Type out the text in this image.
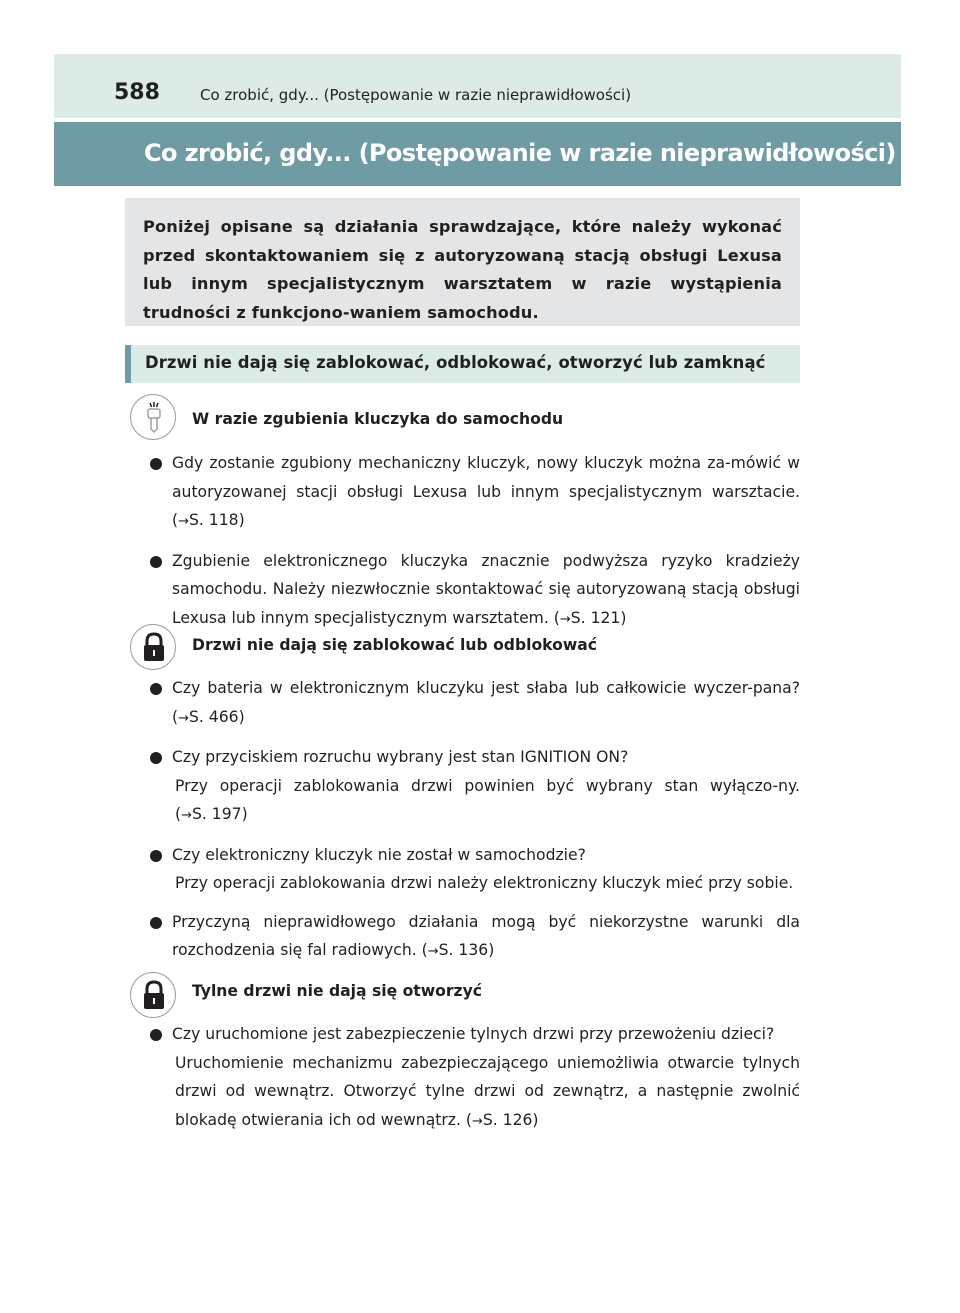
588	Co zrobić, gdy... (Postępowanie w razie nieprawidłowości)
Co zrobić, gdy... (Postępowanie w razie nieprawidłowości)

Poniżej opisane są działania sprawdzające, które należy wykonać przed skontaktowaniem się z autoryzowaną stacją obsługi Lexusa lub innym specjalistycznym warsztatem w razie wystąpienia trudności z funkcjono-waniem samochodu.

Drzwi nie dają się zablokować, odblokować, otworzyć lub zamknąć
W razie zgubienia kluczyka do samochodu
Gdy zostanie zgubiony mechaniczny kluczyk, nowy kluczyk można za-mówić w autoryzowanej stacji obsługi Lexusa lub innym specjalistycznym warsztacie. (→S. 118)
Zgubienie elektronicznego kluczyka znacznie podwyższa ryzyko kradzieży samochodu. Należy niezwłocznie skontaktować się autoryzowaną stacją obsługi Lexusa lub innym specjalistycznym warsztatem. (→S. 121)
Drzwi nie dają się zablokować lub odblokować
Czy bateria w elektronicznym kluczyku jest słaba lub całkowicie wyczer-pana? (→S. 466)
Czy przyciskiem rozruchu wybrany jest stan IGNITION ON?
Przy operacji zablokowania drzwi powinien być wybrany stan wyłączo-ny. (→S. 197)
Czy elektroniczny kluczyk nie został w samochodzie?
Przy operacji zablokowania drzwi należy elektroniczny kluczyk mieć przy sobie.
Przyczyną nieprawidłowego działania mogą być niekorzystne warunki dla rozchodzenia się fal radiowych. (→S. 136)
Tylne drzwi nie dają się otworzyć
Czy uruchomione jest zabezpieczenie tylnych drzwi przy przewożeniu dzieci?
Uruchomienie mechanizmu zabezpieczającego uniemożliwia otwarcie tylnych drzwi od wewnątrz. Otworzyć tylne drzwi od zewnątrz, a następnie zwolnić blokadę otwierania ich od wewnątrz. (→S. 126)
